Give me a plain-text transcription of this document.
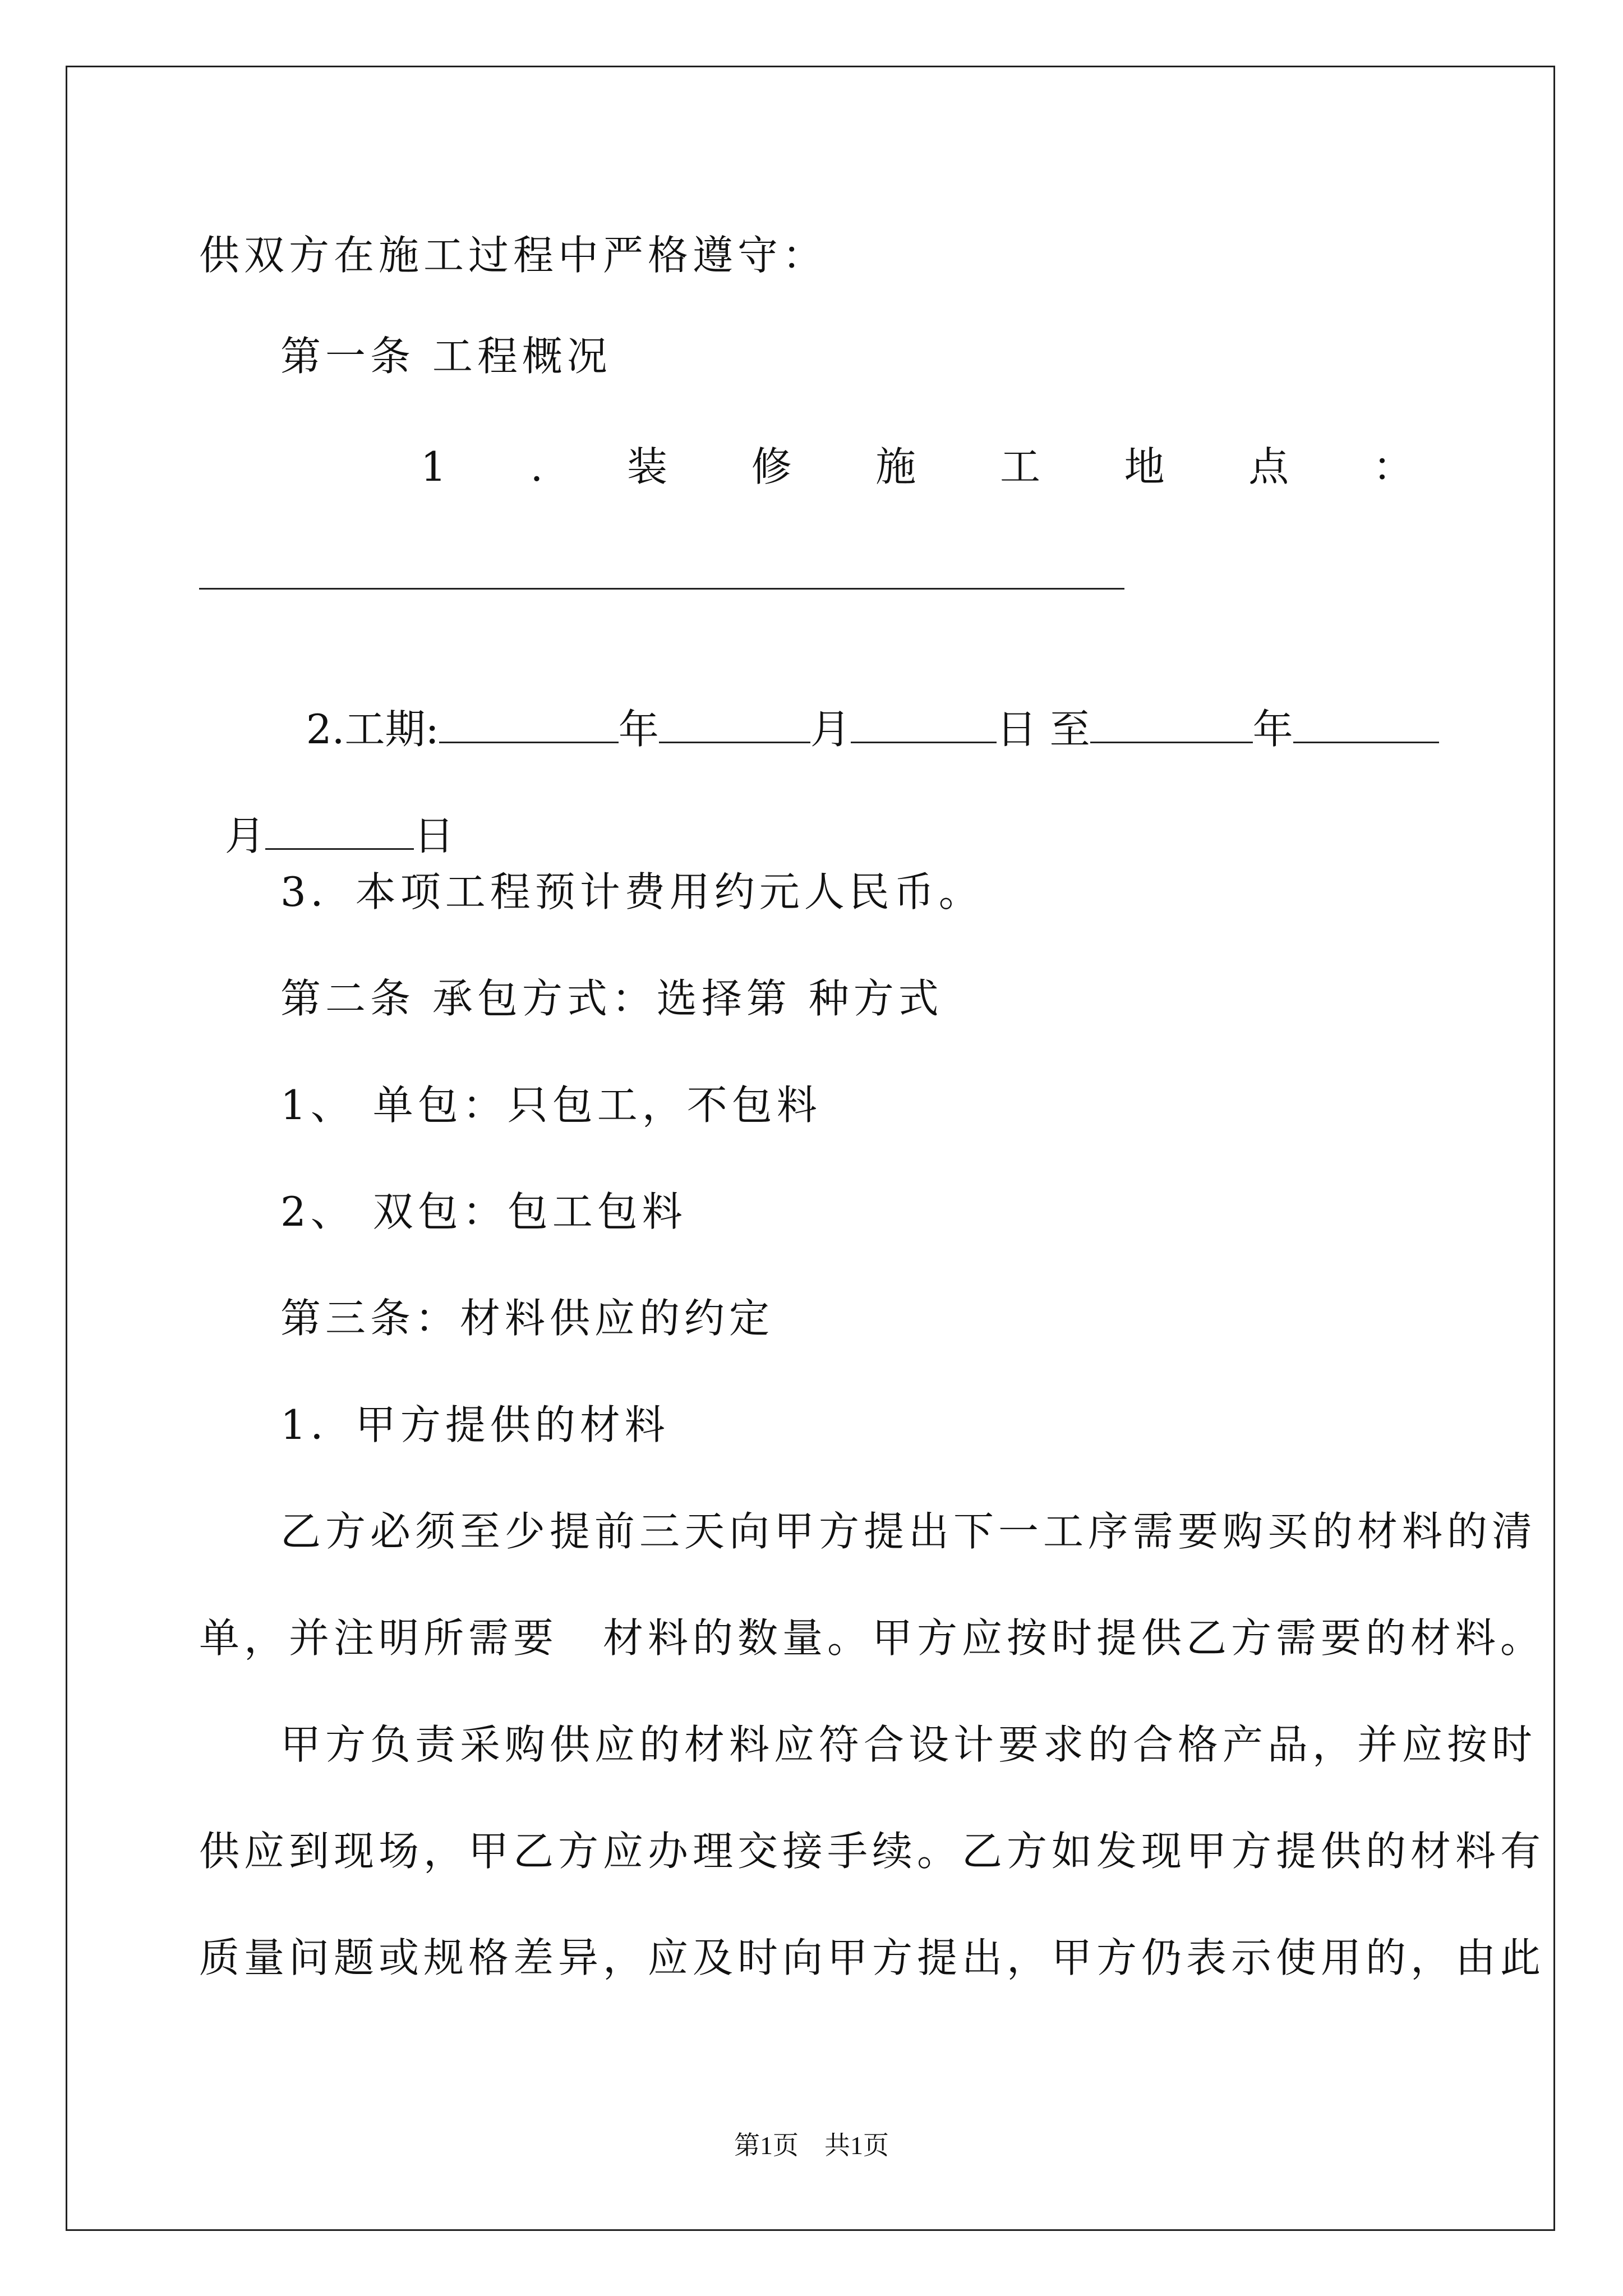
供双方在施工过程中严格遵守：
第一条 工程概况
1 . 装 修 施 工 地 点 ：

2.工期:	年	月	日 至	年

月	日

3．本项工程预计费用约元人民币。
第二条 承包方式：选择第 种方式
1、 单包：只包工，不包料
2、 双包：包工包料
第三条：材料供应的约定
1．甲方提供的材料
乙方必须至少提前三天向甲方提出下一工序需要购买的材料的清
单，并注明所需要　材料的数量。甲方应按时提供乙方需要的材料。
甲方负责采购供应的材料应符合设计要求的合格产品，并应按时
供应到现场，甲乙方应办理交接手续。乙方如发现甲方提供的材料有
质量问题或规格差异，应及时向甲方提出，甲方仍表示使用的，由此
第1页　共1页
